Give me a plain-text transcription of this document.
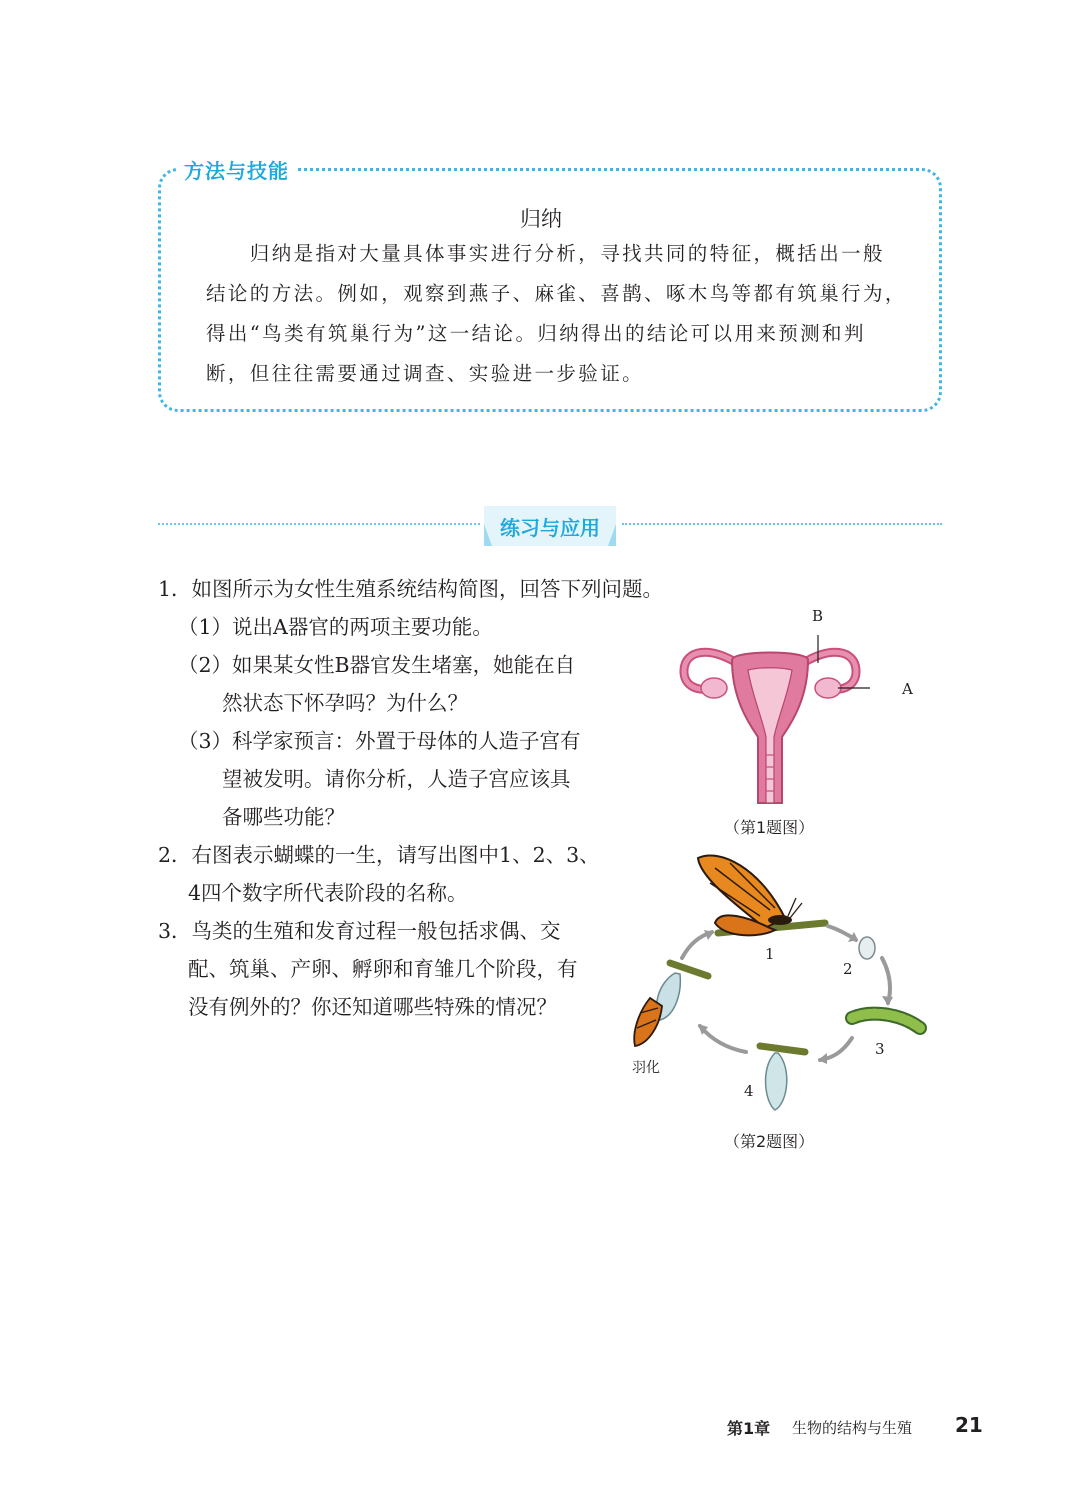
方法与技能
归纳
　　归纳是指对大量具体事实进行分析，寻找共同的特征，概括出一般
结论的方法。例如，观察到燕子、麻雀、喜鹊、啄木鸟等都有筑巢行为，
得出“鸟类有筑巢行为”这一结论。归纳得出的结论可以用来预测和判
断，但往往需要通过调查、实验进一步验证。
练习与应用
1．如图所示为女性生殖系统结构简图，回答下列问题。
（1）说出A器官的两项主要功能。
（2）如果某女性B器官发生堵塞，她能在自
然状态下怀孕吗？为什么？
（3）科学家预言：外置于母体的人造子宫有
望被发明。请你分析，人造子宫应该具
备哪些功能？
2．右图表示蝴蝶的一生，请写出图中1、2、3、
4四个数字所代表阶段的名称。
3．鸟类的生殖和发育过程一般包括求偶、交
配、筑巢、产卵、孵卵和育雏几个阶段，有
没有例外的？你还知道哪些特殊的情况？
B
A
（第1题图）
1
2
3
4
羽化
（第2题图）
第1章 生物的结构与生殖 21
